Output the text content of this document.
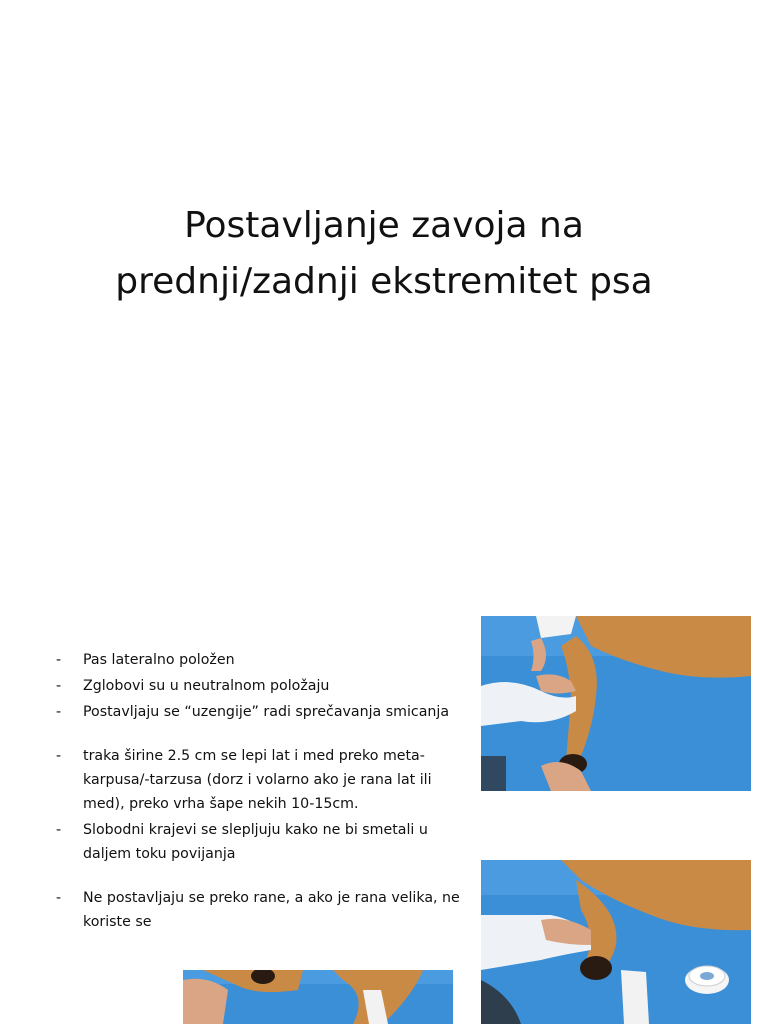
Postavljanje zavoja na
prednji/zadnji ekstremitet psa
-	Pas lateralno položen
-	Zglobovi su u neutralnom položaju
-	Postavljaju se “uzengije” radi sprečavanja smicanja
-	traka širine 2.5 cm se lepi lat i med preko meta-karpusa/-tarzusa (dorz i volarno ako je rana lat ili med), preko vrha šape nekih 10-15cm.
-	Slobodni krajevi se slepljuju kako ne bi smetali u daljem toku povijanja
-	Ne postavljaju se preko rane, a ako je rana velika, ne koriste se
